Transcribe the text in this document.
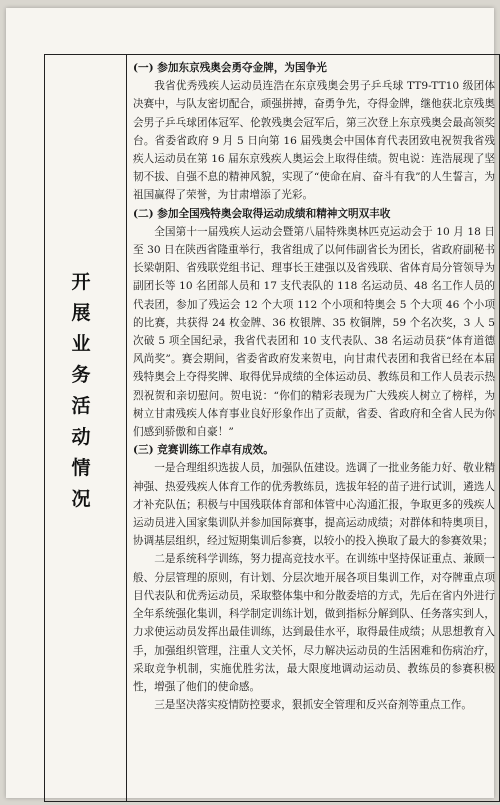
开
展
业
务
活
动
情
况

(一) 参加东京残奥会勇夺金牌，为国争光

我省优秀残疾人运动员连浩在东京残奥会男子乒乓球 TT9-TT10 级团体决赛中，与队友密切配合，顽强拼搏，奋勇争先，夺得金牌，继他获北京残奥会男子乒乓球团体冠军、伦敦残奥会冠军后，第三次登上东京残奥会最高领奖台。省委省政府 9 月 5 日向第 16 届残奥会中国体育代表团致电祝贺我省残疾人运动员在第 16 届东京残疾人奥运会上取得佳绩。贺电说：连浩展现了坚韧不拔、自强不息的精神风貌，实现了“使命在肩、奋斗有我”的人生誓言，为祖国赢得了荣誉，为甘肃增添了光彩。

(二) 参加全国残特奥会取得运动成绩和精神文明双丰收

全国第十一届残疾人运动会暨第八届特殊奥林匹克运动会于 10 月 18 日至 30 日在陕西省隆重举行，我省组成了以何伟副省长为团长，省政府副秘书长梁朝阳、省残联党组书记、理事长王建强以及省残联、省体育局分管领导为副团长等 10 名团部人员和 17 支代表队的 118 名运动员、48 名工作人员的代表团，参加了残运会 12 个大项 112 个小项和特奥会 5 个大项 46 个小项的比赛，共获得 24 枚金牌、36 枚银牌、35 枚铜牌，59 个名次奖，3 人 5 次破 5 项全国纪录，我省代表团和 10 支代表队、38 名运动员获“体育道德风尚奖”。赛会期间，省委省政府发来贺电，向甘肃代表团和我省已经在本届残特奥会上夺得奖牌、取得优异成绩的全体运动员、教练员和工作人员表示热烈祝贺和亲切慰问。贺电说：“你们的精彩表现为广大残疾人树立了榜样，为树立甘肃残疾人体育事业良好形象作出了贡献，省委、省政府和全省人民为你们感到骄傲和自豪！”

(三) 竞赛训练工作卓有成效。

一是合理组织选拔人员，加强队伍建设。选调了一批业务能力好、敬业精神强、热爱残疾人体育工作的优秀教练员，选拔年轻的苗子进行试训，遴选人才补充队伍；积极与中国残联体育部和体管中心沟通汇报，争取更多的残疾人运动员进入国家集训队并参加国际赛事，提高运动成绩；对群体和特奥项目，协调基层组织，经过短期集训后参赛，以较小的投入换取了最大的参赛效果；

二是系统科学训练，努力提高竞技水平。在训练中坚持保证重点、兼顾一般、分层管理的原则，有计划、分层次地开展各项目集训工作，对夺牌重点项目代表队和优秀运动员，采取整体集中和分散委培的方式，先后在省内外进行全年系统强化集训，科学制定训练计划，做到指标分解到队、任务落实到人，力求使运动员发挥出最佳训练，达到最佳水平，取得最佳成绩；从思想教育入手，加强组织管理，注重人文关怀，尽力解决运动员的生活困难和伤病治疗，采取竞争机制，实施优胜劣汰，最大限度地调动运动员、教练员的参赛积极性，增强了他们的使命感。

三是坚决落实疫情防控要求，狠抓安全管理和反兴奋剂等重点工作。
